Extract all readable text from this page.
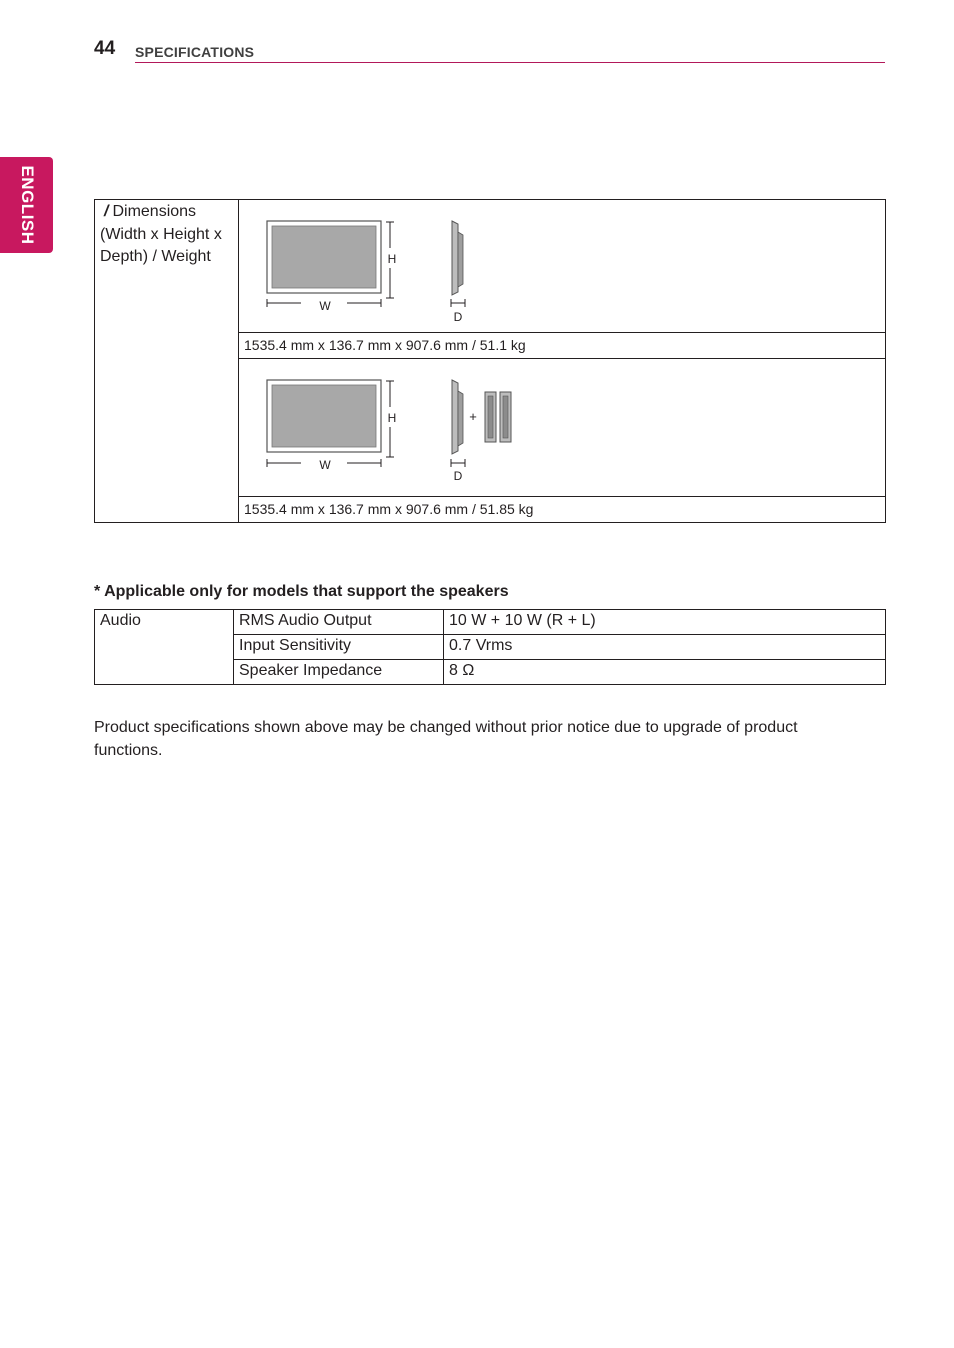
44 SPECIFICATIONS
ENGLISH	/ Dimensions (Width x Height x Depth) / Weight	
W
H
D

1535.4 mm x 136.7 mm x 907.6 mm / 51.1 kg

W
H	+
D

1535.4 mm x 136.7 mm x 907.6 mm / 51.85 kg
* Applicable only for models that support the speakers
Audio	RMS Audio Output	10 W + 10 W (R + L)
	Input Sensitivity	0.7 Vrms
	Speaker Impedance	8 Ω
Product specifications shown above may be changed without prior notice due to upgrade of product functions.
